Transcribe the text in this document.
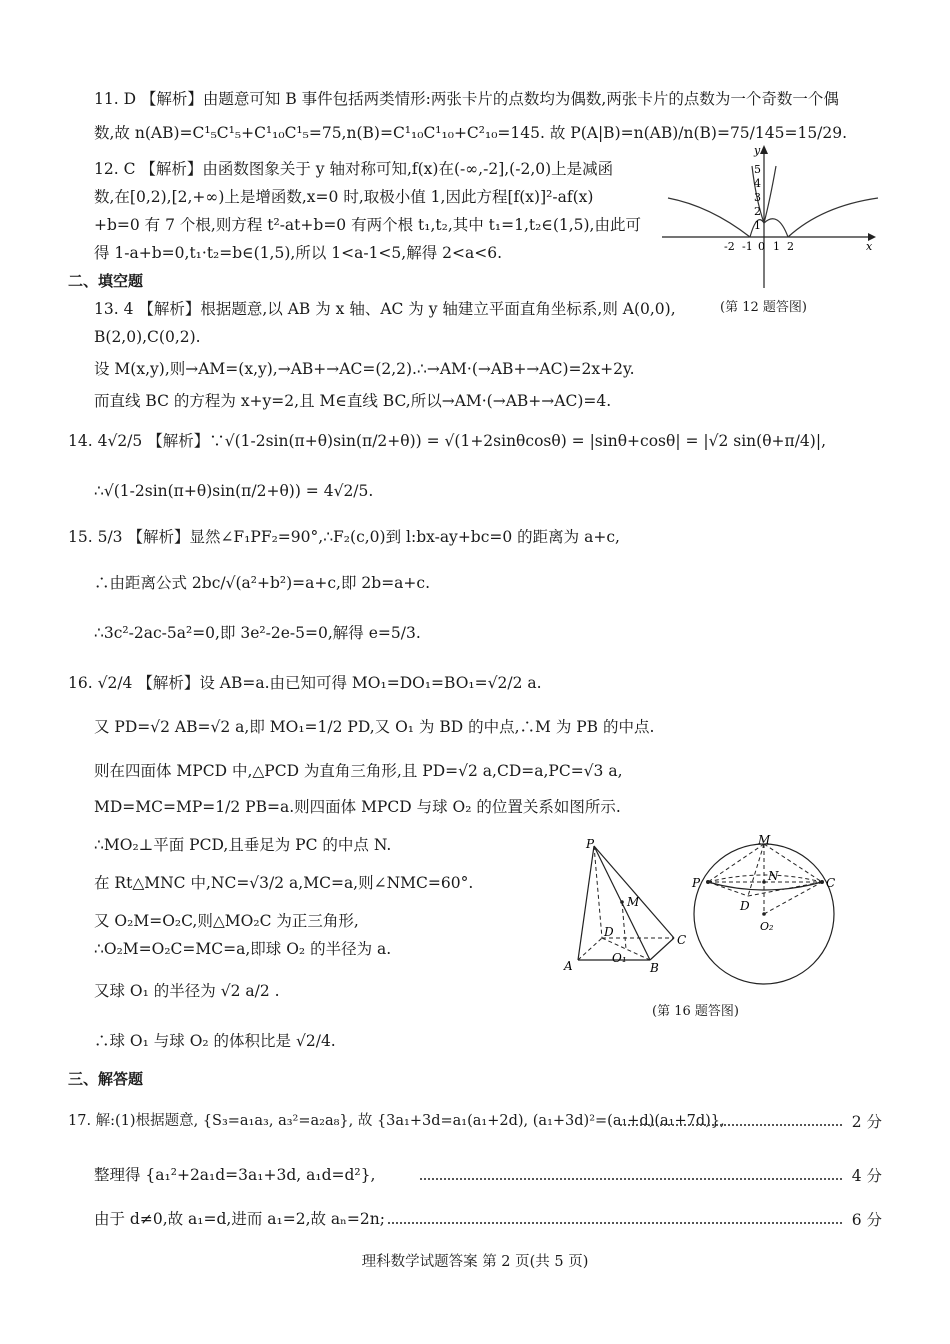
11. D 【解析】由题意可知 B 事件包括两类情形:两张卡片的点数均为偶数,两张卡片的点数为一个奇数一个偶
数,故 n(AB)=C¹₅C¹₅+C¹₁₀C¹₅=75,n(B)=C¹₁₀C¹₁₀+C²₁₀=145. 故 P(A|B)=n(AB)/n(B)=75/145=15/29.
12. C 【解析】由函数图象关于 y 轴对称可知,f(x)在(-∞,-2],(-2,0)上是减函
数,在[0,2),[2,+∞)上是增函数,x=0 时,取极小值 1,因此方程[f(x)]²-af(x)
+b=0 有 7 个根,则方程 t²-at+b=0 有两个根 t₁,t₂,其中 t₁=1,t₂∈(1,5),由此可
得 1-a+b=0,t₁·t₂=b∈(1,5),所以 1<a-1<5,解得 2<a<6.
y
x
-2 -1 0 1 2
1
2
3
4
5
(第 12 题答图)
二、填空题
13. 4 【解析】根据题意,以 AB 为 x 轴、AC 为 y 轴建立平面直角坐标系,则 A(0,0),
B(2,0),C(0,2).
设 M(x,y),则→AM=(x,y),→AB+→AC=(2,2).∴→AM·(→AB+→AC)=2x+2y.
而直线 BC 的方程为 x+y=2,且 M∈直线 BC,所以→AM·(→AB+→AC)=4.
14. 4√2/5 【解析】∵√(1-2sin(π+θ)sin(π/2+θ)) = √(1+2sinθcosθ) = |sinθ+cosθ| = |√2 sin(θ+π/4)|,
∴√(1-2sin(π+θ)sin(π/2+θ)) = 4√2/5.
15. 5/3 【解析】显然∠F₁PF₂=90°,∴F₂(c,0)到 l:bx-ay+bc=0 的距离为 a+c,
∴由距离公式 2bc/√(a²+b²)=a+c,即 2b=a+c.
∴3c²-2ac-5a²=0,即 3e²-2e-5=0,解得 e=5/3.
16. √2/4 【解析】设 AB=a.由已知可得 MO₁=DO₁=BO₁=√2/2 a.
又 PD=√2 AB=√2 a,即 MO₁=1/2 PD,又 O₁ 为 BD 的中点,∴M 为 PB 的中点.
则在四面体 MPCD 中,△PCD 为直角三角形,且 PD=√2 a,CD=a,PC=√3 a,
MD=MC=MP=1/2 PB=a.则四面体 MPCD 与球 O₂ 的位置关系如图所示.
∴MO₂⊥平面 PCD,且垂足为 PC 的中点 N.
在 Rt△MNC 中,NC=√3/2 a,MC=a,则∠NMC=60°.
又 O₂M=O₂C,则△MO₂C 为正三角形,
∴O₂M=O₂C=MC=a,即球 O₂ 的半径为 a.
又球 O₁ 的半径为 √2 a/2 .
∴球 O₁ 与球 O₂ 的体积比是 √2/4.
P
M
D
C
A
O₁
B
M
P	C
N
D
O₂
(第 16 题答图)
三、解答题
17. 解:(1)根据题意, {S₃=a₁a₃, a₃²=a₂a₈}, 故 {3a₁+3d=a₁(a₁+2d), (a₁+3d)²=(a₁+d)(a₁+7d)},	2 分
整理得 {a₁²+2a₁d=3a₁+3d, a₁d=d²},	4 分
由于 d≠0,故 a₁=d,进而 a₁=2,故 aₙ=2n;	6 分
理科数学试题答案 第 2 页(共 5 页)
